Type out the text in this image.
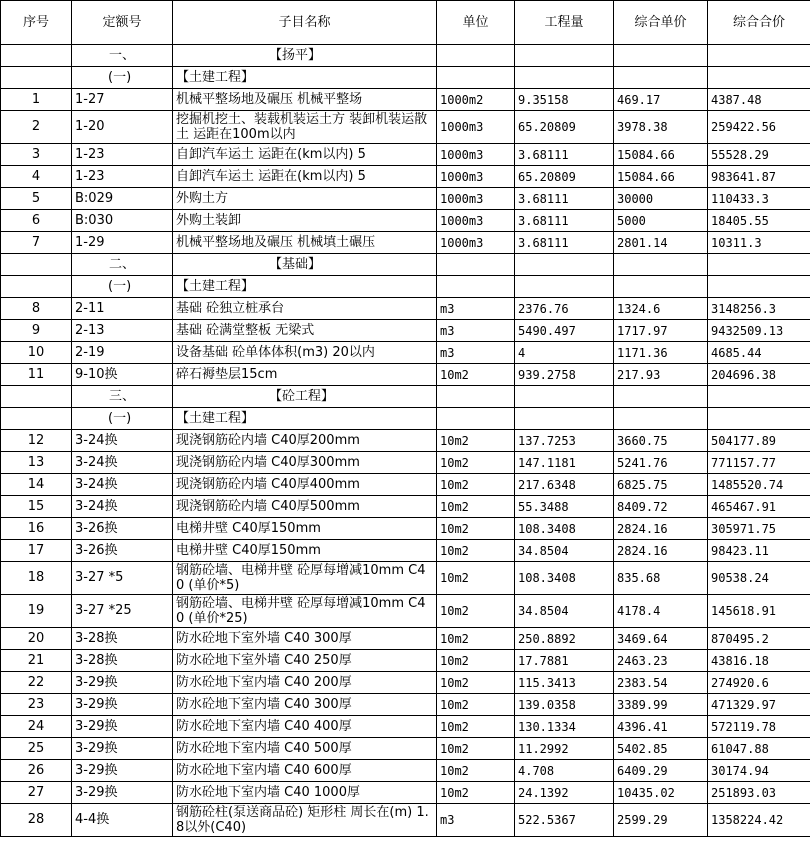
序号	定额号	子目名称	单位	工程量	综合单价	综合合价
	一、	【扬平】				
	(一)	【土建工程】				
1	1-27	机械平整场地及碾压 机械平整场	1000m2	9.35158	469.17	4387.48
2	1-20	挖掘机挖土、装载机装运土方 装卸机装运散土 运距在100m以内	1000m3	65.20809	3978.38	259422.56
3	1-23	自卸汽车运土 运距在(km以内) 5	1000m3	3.68111	15084.66	55528.29
4	1-23	自卸汽车运土 运距在(km以内) 5	1000m3	65.20809	15084.66	983641.87
5	B:029	外购土方	1000m3	3.68111	30000	110433.3
6	B:030	外购土装卸	1000m3	3.68111	5000	18405.55
7	1-29	机械平整场地及碾压 机械填土碾压	1000m3	3.68111	2801.14	10311.3
	二、	【基础】				
	(一)	【土建工程】				
8	2-11	基础 砼独立桩承台	m3	2376.76	1324.6	3148256.3
9	2-13	基础 砼满堂整板 无梁式	m3	5490.497	1717.97	9432509.13
10	2-19	设备基础 砼单体体积(m3) 20以内	m3	4	1171.36	4685.44
11	9-10换	碎石褥垫层15cm	10m2	939.2758	217.93	204696.38
	三、	【砼工程】				
	(一)	【土建工程】				
12	3-24换	现浇钢筋砼内墙 C40厚200mm	10m2	137.7253	3660.75	504177.89
13	3-24换	现浇钢筋砼内墙 C40厚300mm	10m2	147.1181	5241.76	771157.77
14	3-24换	现浇钢筋砼内墙 C40厚400mm	10m2	217.6348	6825.75	1485520.74
15	3-24换	现浇钢筋砼内墙 C40厚500mm	10m2	55.3488	8409.72	465467.91
16	3-26换	电梯井壁 C40厚150mm	10m2	108.3408	2824.16	305971.75
17	3-26换	电梯井壁 C40厚150mm	10m2	34.8504	2824.16	98423.11
18	3-27 *5	钢筋砼墙、电梯井壁 砼厚每增减10mm C40 (单价*5)	10m2	108.3408	835.68	90538.24
19	3-27 *25	钢筋砼墙、电梯井壁 砼厚每增减10mm C40 (单价*25)	10m2	34.8504	4178.4	145618.91
20	3-28换	防水砼地下室外墙 C40 300厚	10m2	250.8892	3469.64	870495.2
21	3-28换	防水砼地下室外墙 C40 250厚	10m2	17.7881	2463.23	43816.18
22	3-29换	防水砼地下室内墙 C40 200厚	10m2	115.3413	2383.54	274920.6
23	3-29换	防水砼地下室内墙 C40 300厚	10m2	139.0358	3389.99	471329.97
24	3-29换	防水砼地下室内墙 C40 400厚	10m2	130.1334	4396.41	572119.78
25	3-29换	防水砼地下室内墙 C40 500厚	10m2	11.2992	5402.85	61047.88
26	3-29换	防水砼地下室内墙 C40 600厚	10m2	4.708	6409.29	30174.94
27	3-29换	防水砼地下室内墙 C40 1000厚	10m2	24.1392	10435.02	251893.03
28	4-4换	钢筋砼柱(泵送商品砼) 矩形柱 周长在(m) 1.8以外(C40)	m3	522.5367	2599.29	1358224.42
